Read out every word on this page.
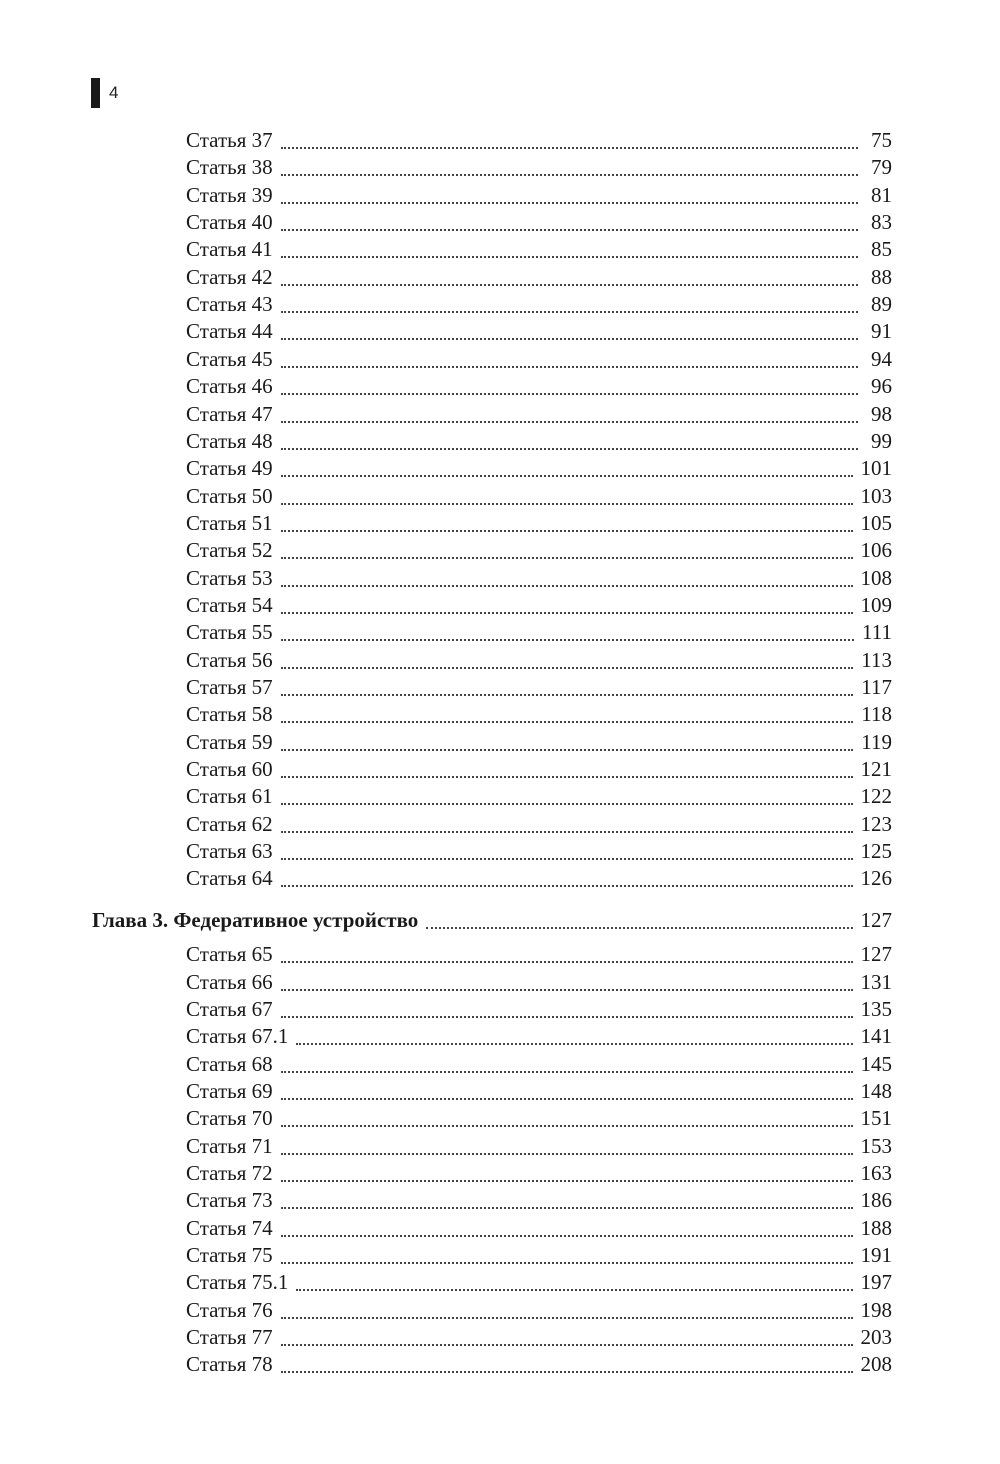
4
Статья 37	75
Статья 38	79
Статья 39	81
Статья 40	83
Статья 41	85
Статья 42	88
Статья 43	89
Статья 44	91
Статья 45	94
Статья 46	96
Статья 47	98
Статья 48	99
Статья 49	101
Статья 50	103
Статья 51	105
Статья 52	106
Статья 53	108
Статья 54	109
Статья 55	111
Статья 56	113
Статья 57	117
Статья 58	118
Статья 59	119
Статья 60	121
Статья 61	122
Статья 62	123
Статья 63	125
Статья 64	126
Глава 3. Федеративное устройство	127
Статья 65	127
Статья 66	131
Статья 67	135
Статья 67.1	141
Статья 68	145
Статья 69	148
Статья 70	151
Статья 71	153
Статья 72	163
Статья 73	186
Статья 74	188
Статья 75	191
Статья 75.1	197
Статья 76	198
Статья 77	203
Статья 78	208
